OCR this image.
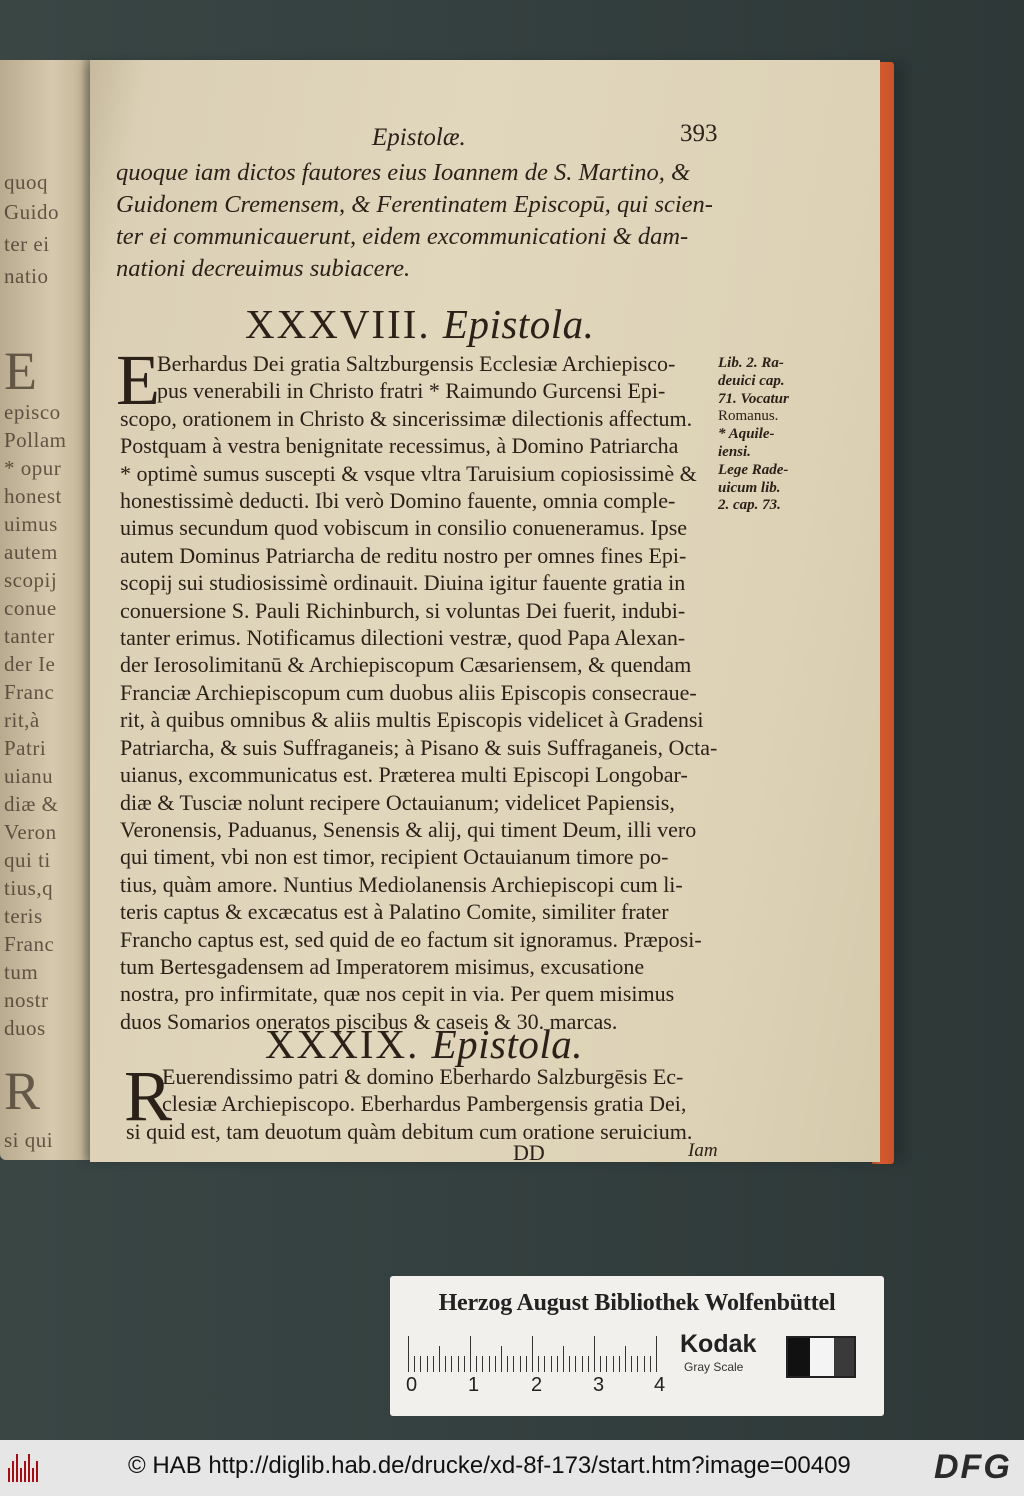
quoq
Guido
ter ei
natio
E
episco
Pollam
* opur
honest
uimus
autem
scopij
conue
tanter
der Ie
Franc
rit,à
Patri
uianu
diæ &
Veron
qui ti
tius,q
teris
Franc
tum
nostr
duos
R
si qui
Epistolæ.	393
quoque iam dictos fautores eius Ioannem de S. Martino, &
Guidonem Cremensem, & Ferentinatem Episcopū, qui scien-
ter ei communicauerunt, eidem excommunicationi & dam-
nationi decreuimus subiacere.
XXXVIII. Epistola.
E
Berhardus Dei gratia Saltzburgensis Ecclesiæ Archiepisco-
pus venerabili in Christo fratri * Raimundo Gurcensi Epi-
scopo, orationem in Christo & sincerissimæ dilectionis affectum.
Postquam à vestra benignitate recessimus, à Domino Patriarcha
* optimè sumus suscepti & vsque vltra Taruisium copiosissimè &
honestissimè deducti. Ibi verò Domino fauente, omnia comple-
uimus secundum quod vobiscum in consilio conueneramus. Ipse
autem Dominus Patriarcha de reditu nostro per omnes fines Epi-
scopij sui studiosissimè ordinauit. Diuina igitur fauente gratia in
conuersione S. Pauli Richinburch, si voluntas Dei fuerit, indubi-
tanter erimus. Notificamus dilectioni vestræ, quod Papa Alexan-
der Ierosolimitanū & Archiepiscopum Cæsariensem, & quendam
Franciæ Archiepiscopum cum duobus aliis Episcopis consecraue-
rit, à quibus omnibus & aliis multis Episcopis videlicet à Gradensi
Patriarcha, & suis Suffraganeis; à Pisano & suis Suffraganeis, Octa-
uianus, excommunicatus est. Præterea multi Episcopi Longobar-
diæ & Tusciæ nolunt recipere Octauianum; videlicet Papiensis,
Veronensis, Paduanus, Senensis & alij, qui timent Deum, illi vero
qui timent, vbi non est timor, recipient Octauianum timore po-
tius, quàm amore. Nuntius Mediolanensis Archiepiscopi cum li-
teris captus & excæcatus est à Palatino Comite, similiter frater
Francho captus est, sed quid de eo factum sit ignoramus. Præposi-
tum Bertesgadensem ad Imperatorem misimus, excusatione
nostra, pro infirmitate, quæ nos cepit in via. Per quem misimus
duos Somarios oneratos piscibus & caseis & 30. marcas.
Lib. 2. Ra-
deuici cap.
71. Vocatur
Romanus.
* Aquile-
iensi.
Lege Rade-
uicum lib.
2. cap. 73.
XXXIX. Epistola.
R
Euerendissimo patri & domino Eberhardo Salzburgēsis Ec-
clesiæ Archiepiscopo. Eberhardus Pambergensis gratia Dei,
si quid est, tam deuotum quàm debitum cum oratione seruicium.
DD	Iam
Herzog August Bibliothek Wolfenbüttel
0	1	2	3 4
Kodak
Gray Scale
© HAB http://diglib.hab.de/drucke/xd-8f-173/start.htm?image=00409 DFG
